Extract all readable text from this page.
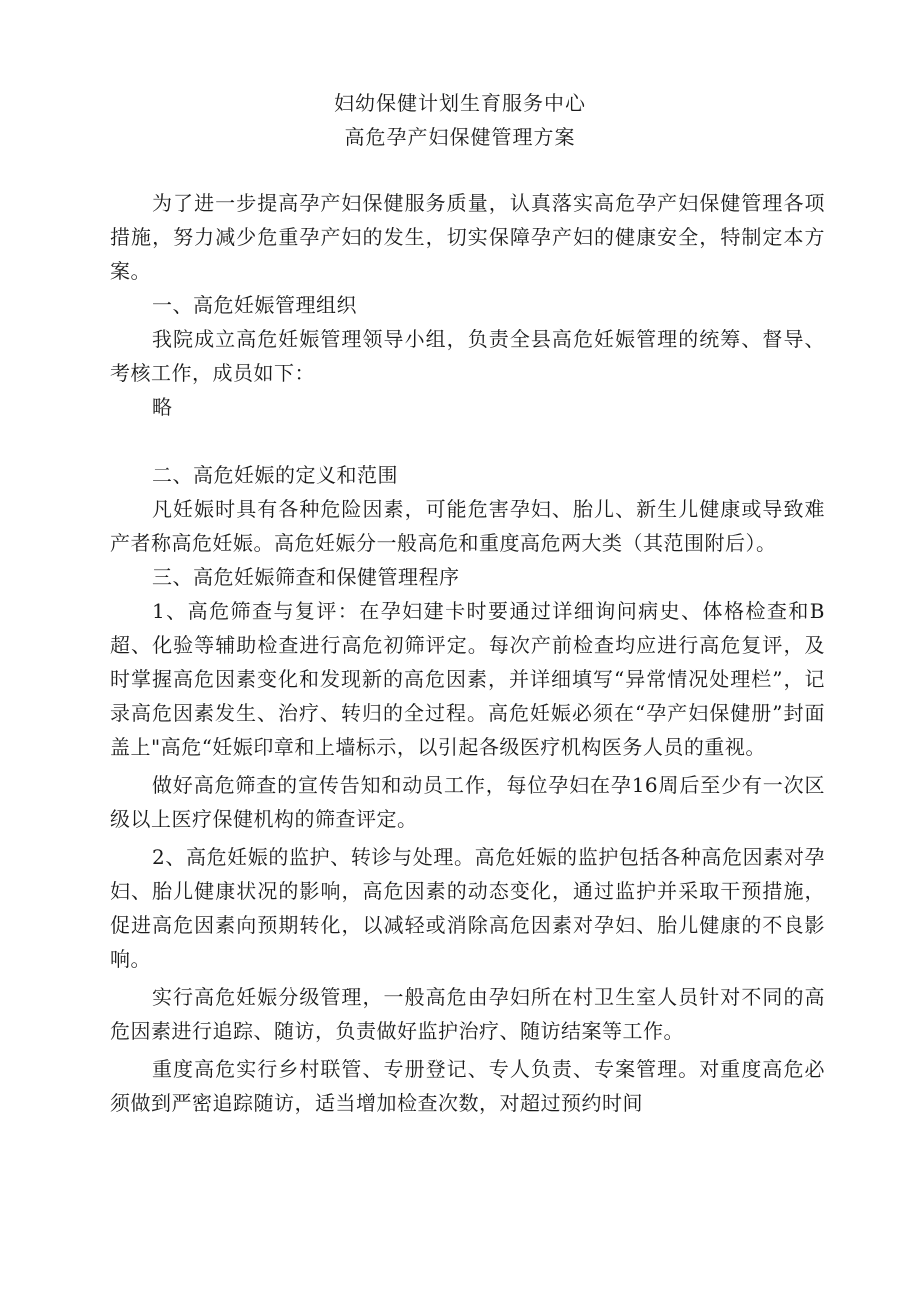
妇幼保健计划生育服务中心

高危孕产妇保健管理方案

为了进一步提高孕产妇保健服务质量，认真落实高危孕产妇保健管理各项措施，努力减少危重孕产妇的发生，切实保障孕产妇的健康安全，特制定本方案。

一、高危妊娠管理组织

我院成立高危妊娠管理领导小组，负责全县高危妊娠管理的统筹、督导、考核工作，成员如下：

略

二、高危妊娠的定义和范围

凡妊娠时具有各种危险因素，可能危害孕妇、胎儿、新生儿健康或导致难产者称高危妊娠。高危妊娠分一般高危和重度高危两大类（其范围附后）。

三、高危妊娠筛查和保健管理程序

1、高危筛查与复评：在孕妇建卡时要通过详细询问病史、体格检查和B超、化验等辅助检查进行高危初筛评定。每次产前检查均应进行高危复评，及时掌握高危因素变化和发现新的高危因素，并详细填写“异常情况处理栏”，记录高危因素发生、治疗、转归的全过程。高危妊娠必须在“孕产妇保健册”封面盖上"高危“妊娠印章和上墙标示，以引起各级医疗机构医务人员的重视。

做好高危筛查的宣传告知和动员工作，每位孕妇在孕16周后至少有一次区级以上医疗保健机构的筛查评定。

2、高危妊娠的监护、转诊与处理。高危妊娠的监护包括各种高危因素对孕妇、胎儿健康状况的影响，高危因素的动态变化，通过监护并采取干预措施，促进高危因素向预期转化，以减轻或消除高危因素对孕妇、胎儿健康的不良影响。

实行高危妊娠分级管理，一般高危由孕妇所在村卫生室人员针对不同的高危因素进行追踪、随访，负责做好监护治疗、随访结案等工作。

重度高危实行乡村联管、专册登记、专人负责、专案管理。对重度高危必须做到严密追踪随访，适当增加检查次数，对超过预约时间
